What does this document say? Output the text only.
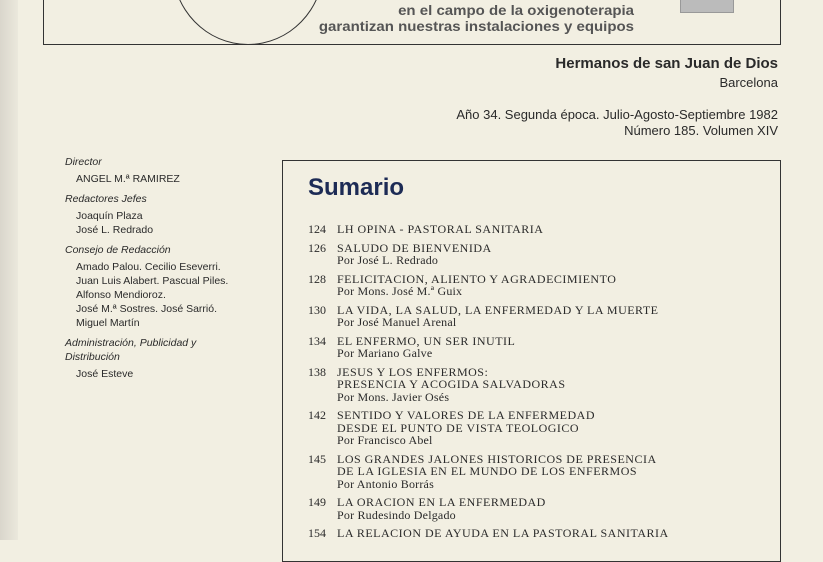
en el campo de la oxigenoterapia
garantizan nuestras instalaciones y equipos
Hermanos de san Juan de Dios
Barcelona
Año 34. Segunda época. Julio-Agosto-Septiembre 1982
Número 185. Volumen XIV
Director
ANGEL M.ª RAMIREZ
Redactores Jefes
Joaquín Plaza
José L. Redrado
Consejo de Redacción
Amado Palou. Cecilio Eseverri.
Juan Luis Alabert. Pascual Piles.
Alfonso Mendioroz.
José M.ª Sostres. José Sarrió.
Miguel Martín
Administración, Publicidad y Distribución
José Esteve
Sumario
124 LH OPINA - PASTORAL SANITARIA
126 SALUDO DE BIENVENIDA
Por José L. Redrado
128 FELICITACION, ALIENTO Y AGRADECIMIENTO
Por Mons. José M.ª Guix
130 LA VIDA, LA SALUD, LA ENFERMEDAD Y LA MUERTE
Por José Manuel Arenal
134 EL ENFERMO, UN SER INUTIL
Por Mariano Galve
138 JESUS Y LOS ENFERMOS:
PRESENCIA Y ACOGIDA SALVADORAS
Por Mons. Javier Osés
142 SENTIDO Y VALORES DE LA ENFERMEDAD
DESDE EL PUNTO DE VISTA TEOLOGICO
Por Francisco Abel
145 LOS GRANDES JALONES HISTORICOS DE PRESENCIA
DE LA IGLESIA EN EL MUNDO DE LOS ENFERMOS
Por Antonio Borrás
149 LA ORACION EN LA ENFERMEDAD
Por Rudesindo Delgado
154 LA RELACION DE AYUDA EN LA PASTORAL SANITARIA
